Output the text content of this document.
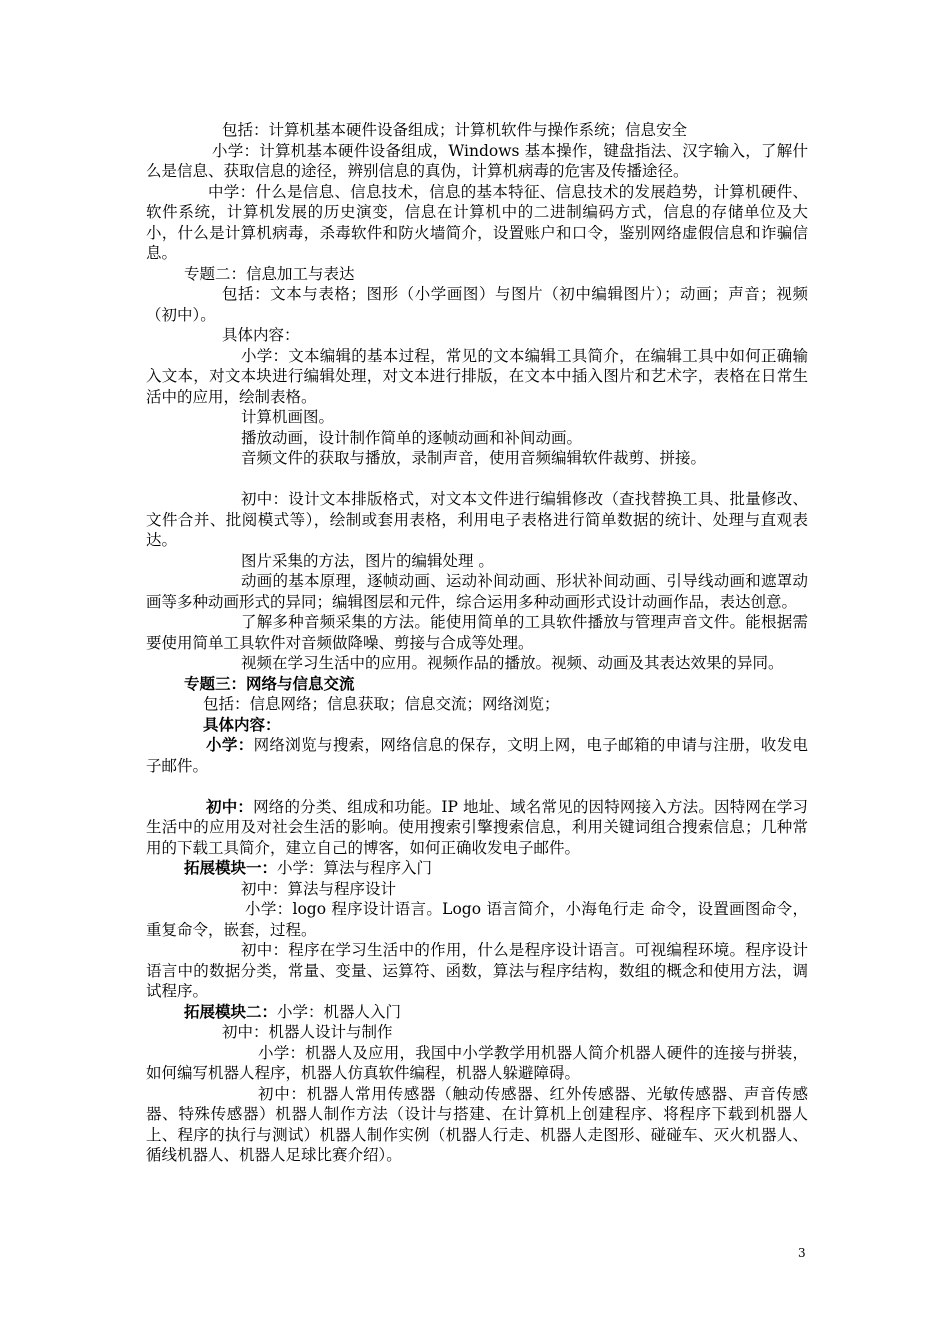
包括：计算机基本硬件设备组成；计算机软件与操作系统；信息安全

小学：计算机基本硬件设备组成，Windows 基本操作，键盘指法、汉字输入，了解什么是信息、获取信息的途径，辨别信息的真伪，计算机病毒的危害及传播途径。

中学：什么是信息、信息技术，信息的基本特征、信息技术的发展趋势，计算机硬件、软件系统，计算机发展的历史演变，信息在计算机中的二进制编码方式，信息的存储单位及大小，什么是计算机病毒，杀毒软件和防火墙简介，设置账户和口令，鉴别网络虚假信息和诈骗信息。

专题二：信息加工与表达

包括：文本与表格；图形（小学画图）与图片（初中编辑图片）；动画；声音；视频（初中）。

具体内容：

小学：文本编辑的基本过程，常见的文本编辑工具简介，在编辑工具中如何正确输入文本，对文本块进行编辑处理，对文本进行排版，在文本中插入图片和艺术字，表格在日常生活中的应用，绘制表格。

计算机画图。

播放动画，设计制作简单的逐帧动画和补间动画。

音频文件的获取与播放，录制声音，使用音频编辑软件裁剪、拼接。

初中：设计文本排版格式，对文本文件进行编辑修改（查找替换工具、批量修改、文件合并、批阅模式等），绘制或套用表格，利用电子表格进行简单数据的统计、处理与直观表达。

图片采集的方法，图片的编辑处理 。

动画的基本原理，逐帧动画、运动补间动画、形状补间动画、引导线动画和遮罩动画等多种动画形式的异同；编辑图层和元件，综合运用多种动画形式设计动画作品，表达创意。

了解多种音频采集的方法。能使用简单的工具软件播放与管理声音文件。能根据需要使用简单工具软件对音频做降噪、剪接与合成等处理。

视频在学习生活中的应用。视频作品的播放。视频、动画及其表达效果的异同。

专题三：网络与信息交流

包括：信息网络；信息获取；信息交流；网络浏览；

具体内容：

小学：网络浏览与搜索，网络信息的保存，文明上网，电子邮箱的申请与注册，收发电子邮件。

初中：网络的分类、组成和功能。IP 地址、域名常见的因特网接入方法。因特网在学习生活中的应用及对社会生活的影响。使用搜索引擎搜索信息，利用关键词组合搜索信息；几种常用的下载工具简介，建立自己的博客，如何正确收发电子邮件。

拓展模块一：小学：算法与程序入门

初中：算法与程序设计

小学：logo 程序设计语言。Logo 语言简介，小海龟行走 命令，设置画图命令，重复命令，嵌套，过程。

初中：程序在学习生活中的作用，什么是程序设计语言。可视编程环境。程序设计语言中的数据分类，常量、变量、运算符、函数，算法与程序结构，数组的概念和使用方法，调试程序。

拓展模块二：小学：机器人入门

初中：机器人设计与制作

小学：机器人及应用，我国中小学教学用机器人简介机器人硬件的连接与拼装，如何编写机器人程序，机器人仿真软件编程，机器人躲避障碍。

初中：机器人常用传感器（触动传感器、红外传感器、光敏传感器、声音传感器、特殊传感器）机器人制作方法（设计与搭建、在计算机上创建程序、将程序下载到机器人上、程序的执行与测试）机器人制作实例（机器人行走、机器人走图形、碰碰车、灭火机器人、循线机器人、机器人足球比赛介绍）。

3
